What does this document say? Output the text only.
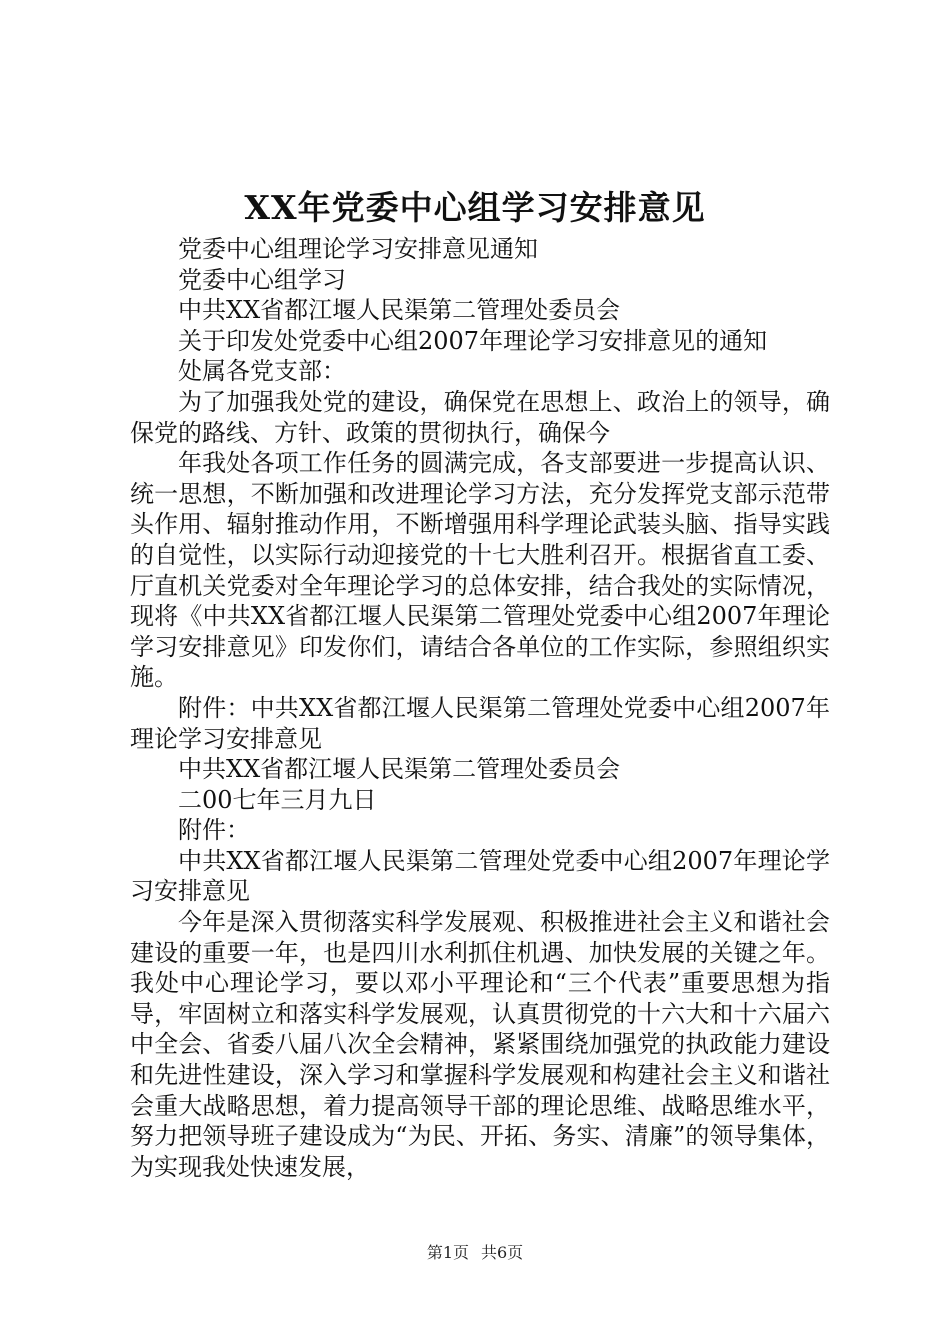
XX年党委中心组学习安排意见

党委中心组理论学习安排意见通知

党委中心组学习

中共XX省都江堰人民渠第二管理处委员会

关于印发处党委中心组2007年理论学习安排意见的通知

处属各党支部：

为了加强我处党的建设，确保党在思想上、政治上的领导，确保党的路线、方针、政策的贯彻执行，确保今

年我处各项工作任务的圆满完成，各支部要进一步提高认识、统一思想，不断加强和改进理论学习方法，充分发挥党支部示范带头作用、辐射推动作用，不断增强用科学理论武装头脑、指导实践的自觉性，以实际行动迎接党的十七大胜利召开。根据省直工委、厅直机关党委对全年理论学习的总体安排，结合我处的实际情况，现将《中共XX省都江堰人民渠第二管理处党委中心组2007年理论学习安排意见》印发你们，请结合各单位的工作实际，参照组织实施。

附件：中共XX省都江堰人民渠第二管理处党委中心组2007年理论学习安排意见

中共XX省都江堰人民渠第二管理处委员会

二00七年三月九日

附件：

中共XX省都江堰人民渠第二管理处党委中心组2007年理论学习安排意见

今年是深入贯彻落实科学发展观、积极推进社会主义和谐社会建设的重要一年，也是四川水利抓住机遇、加快发展的关键之年。我处中心理论学习，要以邓小平理论和“三个代表”重要思想为指导，牢固树立和落实科学发展观，认真贯彻党的十六大和十六届六中全会、省委八届八次全会精神，紧紧围绕加强党的执政能力建设和先进性建设，深入学习和掌握科学发展观和构建社会主义和谐社会重大战略思想，着力提高领导干部的理论思维、战略思维水平，努力把领导班子建设成为“为民、开拓、务实、清廉”的领导集体，为实现我处快速发展，

第1页 共6页
